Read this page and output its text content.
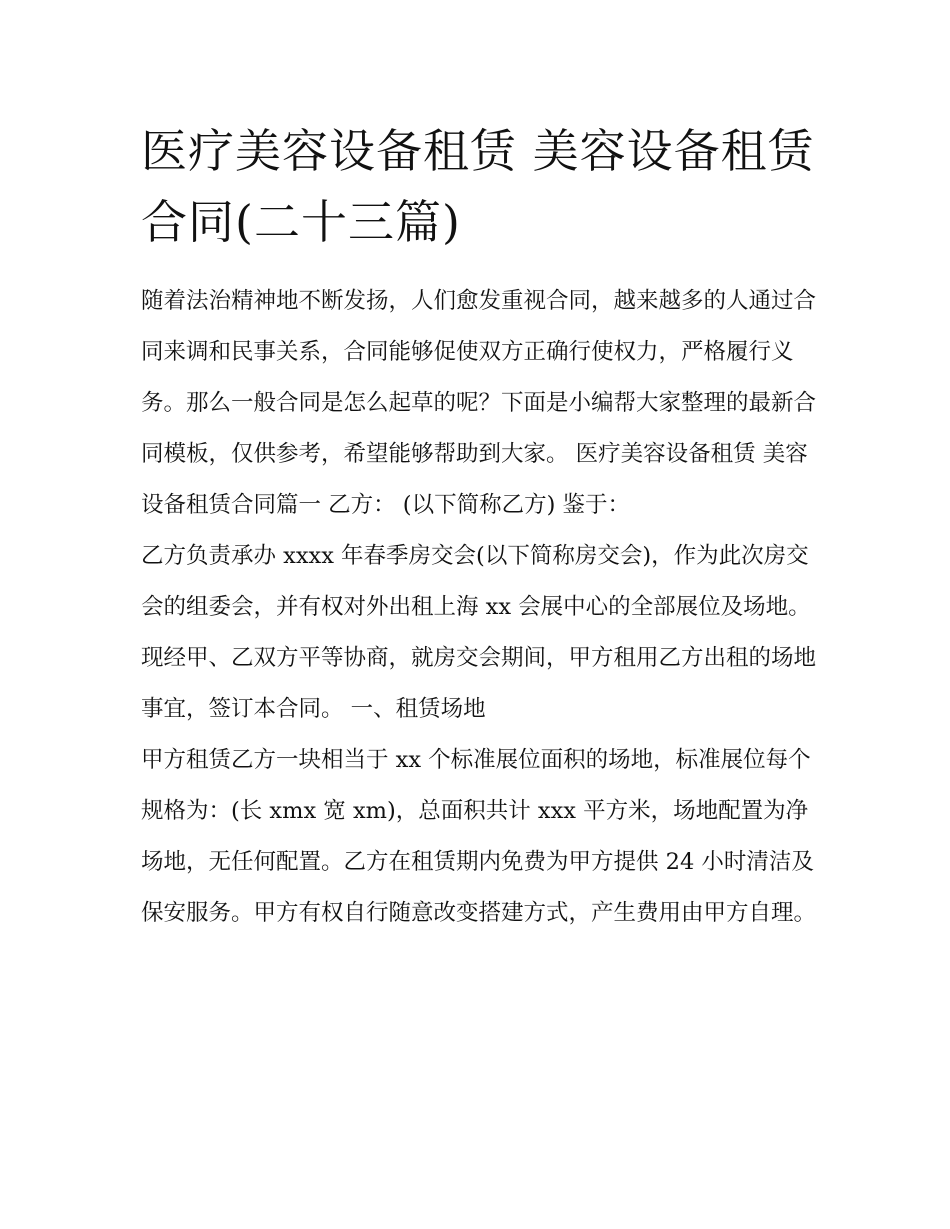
医疗美容设备租赁 美容设备租赁合同(二十三篇)

随着法治精神地不断发扬，人们愈发重视合同，越来越多的人通过合同来调和民事关系，合同能够促使双方正确行使权力，严格履行义务。那么一般合同是怎么起草的呢？下面是小编帮大家整理的最新合同模板，仅供参考，希望能够帮助到大家。 医疗美容设备租赁 美容设备租赁合同篇一 乙方： (以下简称乙方) 鉴于：

乙方负责承办 xxxx 年春季房交会(以下简称房交会)，作为此次房交会的组委会，并有权对外出租上海 xx 会展中心的全部展位及场地。

现经甲、乙双方平等协商，就房交会期间，甲方租用乙方出租的场地事宜，签订本合同。 一、租赁场地

甲方租赁乙方一块相当于 xx 个标准展位面积的场地，标准展位每个规格为：(长 xmx 宽 xm)，总面积共计 xxx 平方米，场地配置为净场地，无任何配置。乙方在租赁期内免费为甲方提供 24 小时清洁及保安服务。甲方有权自行随意改变搭建方式，产生费用由甲方自理。
